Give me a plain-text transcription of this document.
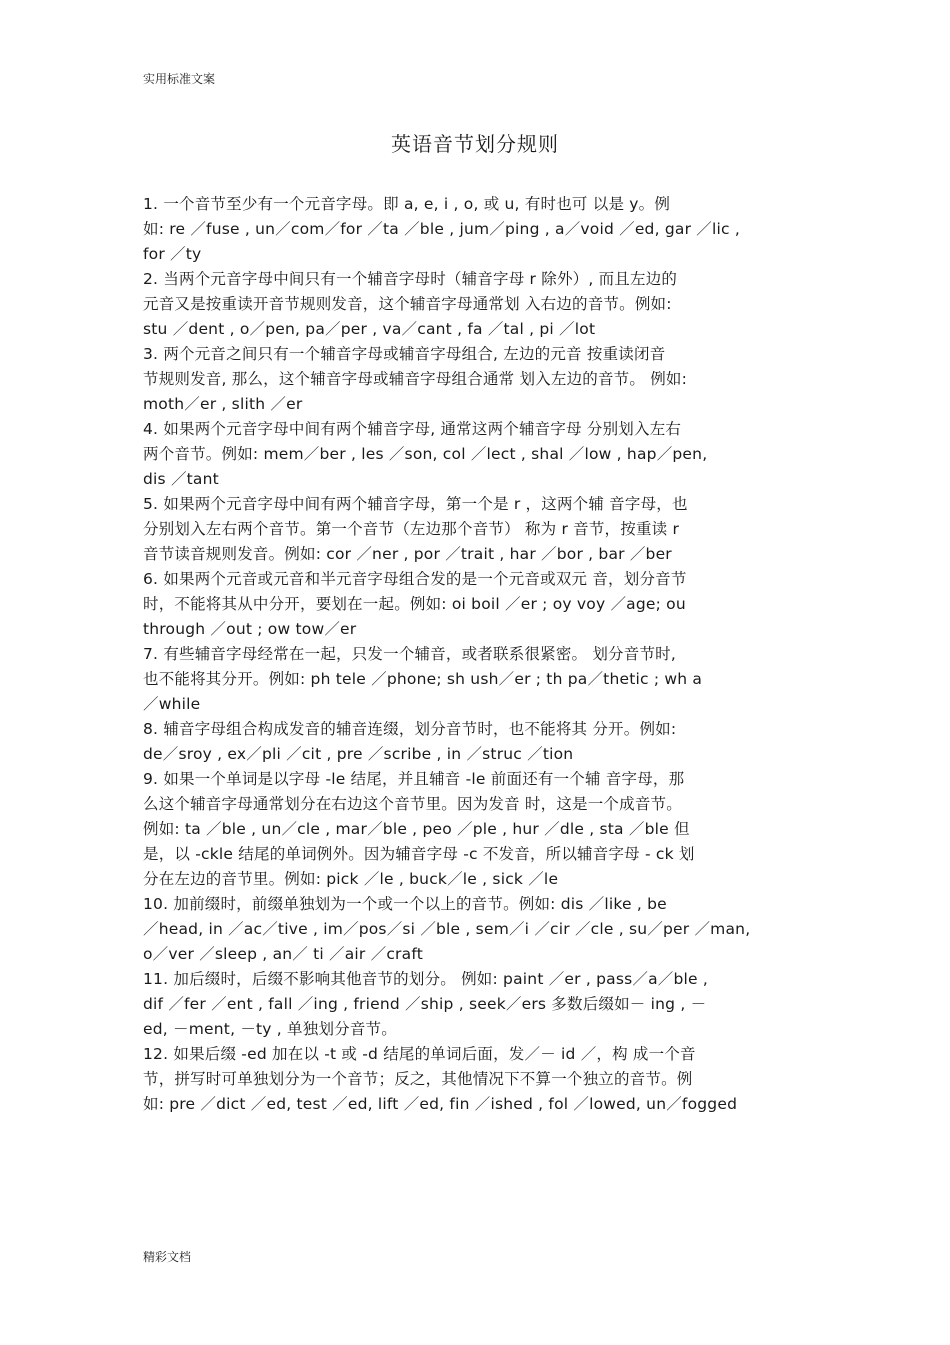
实用标准文案
英语音节划分规则
1. 一个音节至少有一个元音字母。即 a, e, i , o, 或 u, 有时也可 以是 y。例
如: re ／fuse , un／com／for ／ta ／ble , jum／ping , a／void ／ed, gar ／lic ,
for ／ty
2. 当两个元音字母中间只有一个辅音字母时（辅音字母 r 除外）, 而且左边的
元音又是按重读开音节规则发音，这个辅音字母通常划 入右边的音节。例如:
stu ／dent , o／pen, pa／per , va／cant , fa ／tal , pi ／lot
3. 两个元音之间只有一个辅音字母或辅音字母组合, 左边的元音 按重读闭音
节规则发音, 那么，这个辅音字母或辅音字母组合通常 划入左边的音节。 例如:
moth／er , slith ／er
4. 如果两个元音字母中间有两个辅音字母, 通常这两个辅音字母 分别划入左右
两个音节。例如: mem／ber , les ／son, col ／lect , shal ／low , hap／pen,
dis ／tant
5. 如果两个元音字母中间有两个辅音字母，第一个是 r ，这两个辅 音字母，也
分别划入左右两个音节。第一个音节（左边那个音节） 称为 r 音节，按重读 r
音节读音规则发音。例如: cor ／ner , por ／trait , har ／bor , bar ／ber
6. 如果两个元音或元音和半元音字母组合发的是一个元音或双元 音，划分音节
时，不能将其从中分开，要划在一起。例如: oi boil ／er ; oy voy ／age; ou
through ／out ; ow tow／er
7. 有些辅音字母经常在一起，只发一个辅音，或者联系很紧密。 划分音节时,
也不能将其分开。例如: ph tele ／phone; sh ush／er ; th pa／thetic ; wh a
／while
8. 辅音字母组合构成发音的辅音连缀，划分音节时，也不能将其 分开。例如:
de／sroy , ex／pli ／cit , pre ／scribe , in ／struc ／tion
9. 如果一个单词是以字母 -le 结尾，并且辅音 -le 前面还有一个辅 音字母，那
么这个辅音字母通常划分在右边这个音节里。因为发音 时，这是一个成音节。
例如: ta ／ble , un／cle , mar／ble , peo ／ple , hur ／dle , sta ／ble 但
是，以 -ckle 结尾的单词例外。因为辅音字母 -c 不发音，所以辅音字母 - ck 划
分在左边的音节里。例如: pick ／le , buck／le , sick ／le
10. 加前缀时，前缀单独划为一个或一个以上的音节。例如: dis ／like , be
／head, in ／ac／tive , im／pos／si ／ble , sem／i ／cir ／cle , su／per ／man,
o／ver ／sleep , an／ ti ／air ／craft
11. 加后缀时，后缀不影响其他音节的划分。 例如: paint ／er , pass／a／ble ,
dif ／fer ／ent , fall ／ing , friend ／ship , seek／ers 多数后缀如－ ing , －
ed, －ment, －ty , 单独划分音节。
12. 如果后缀 -ed 加在以 -t 或 -d 结尾的单词后面，发／－ id ／，构 成一个音
节，拼写时可单独划分为一个音节；反之，其他情况下不算一个独立的音节。例
如: pre ／dict ／ed, test ／ed, lift ／ed, fin ／ished , fol ／lowed, un／fogged
精彩文档
